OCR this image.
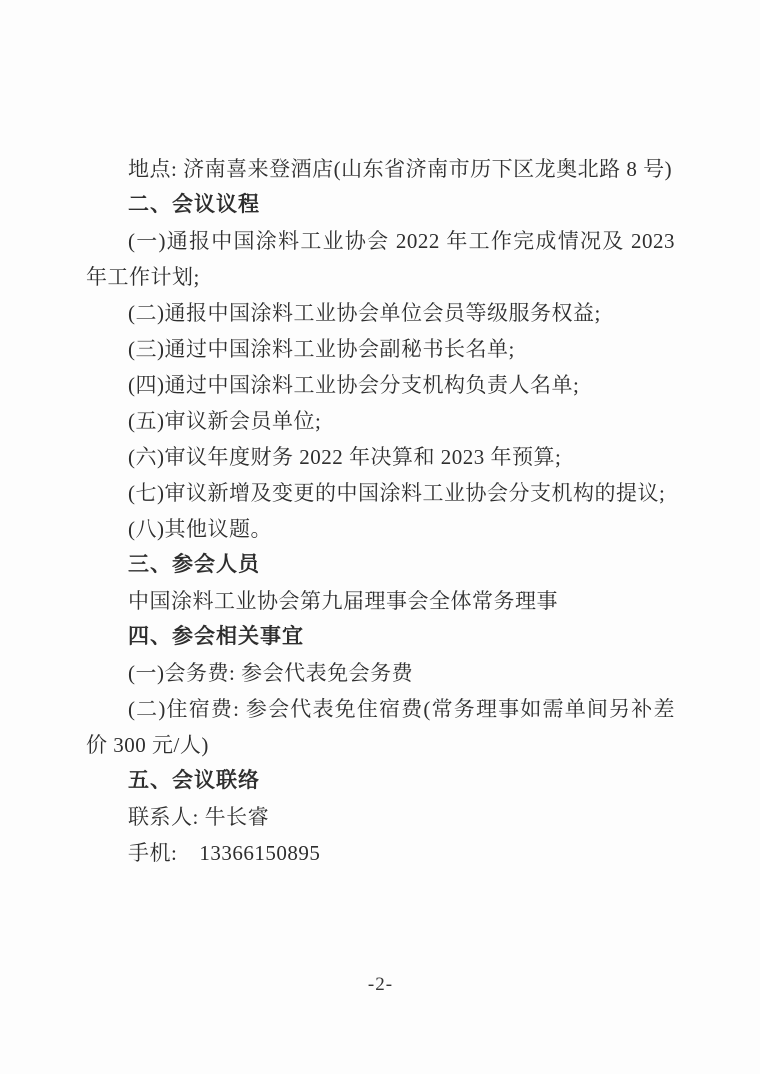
地点: 济南喜来登酒店(山东省济南市历下区龙奥北路 8 号)

二、会议议程

(一)通报中国涂料工业协会 2022 年工作完成情况及 2023 年工作计划;

(二)通报中国涂料工业协会单位会员等级服务权益;

(三)通过中国涂料工业协会副秘书长名单;

(四)通过中国涂料工业协会分支机构负责人名单;

(五)审议新会员单位;

(六)审议年度财务 2022 年决算和 2023 年预算;

(七)审议新增及变更的中国涂料工业协会分支机构的提议;

(八)其他议题。

三、参会人员

中国涂料工业协会第九届理事会全体常务理事

四、参会相关事宜

(一)会务费: 参会代表免会务费

(二)住宿费: 参会代表免住宿费(常务理事如需单间另补差价 300 元/人)

五、会议联络

联系人: 牛长睿

手机:  13366150895

-2-
